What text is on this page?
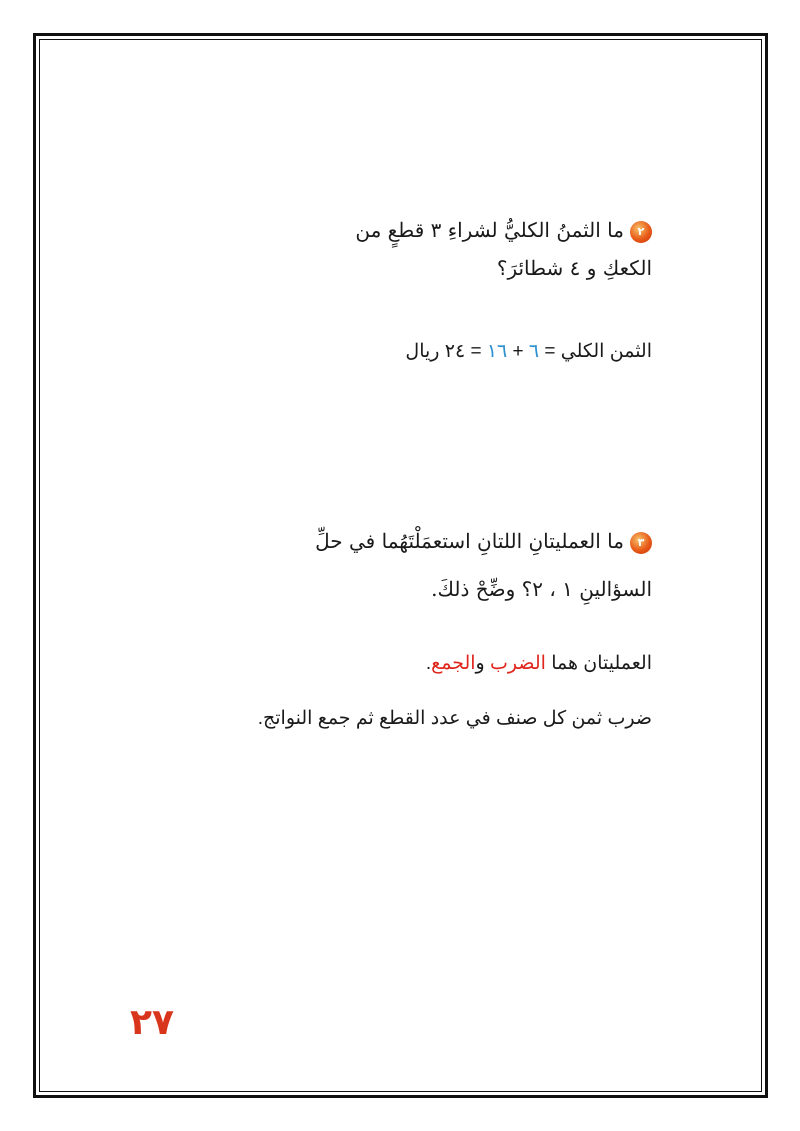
٢ما الثمنُ الكليُّ لشراءِ ٣ قطعٍ من
الكعكِ و ٤ شطائرَ؟
الثمن الكلي = ٦ + ١٦ = ٢٤ ريال
٣ما العمليتانِ اللتانِ استعمَلْتَهُما في حلِّ
السؤالينِ ١ ، ٢؟ وضِّحْ ذلكَ.
العمليتان هما الضرب والجمع.
ضرب ثمن كل صنف في عدد القطع ثم جمع النواتج.
٢٧
